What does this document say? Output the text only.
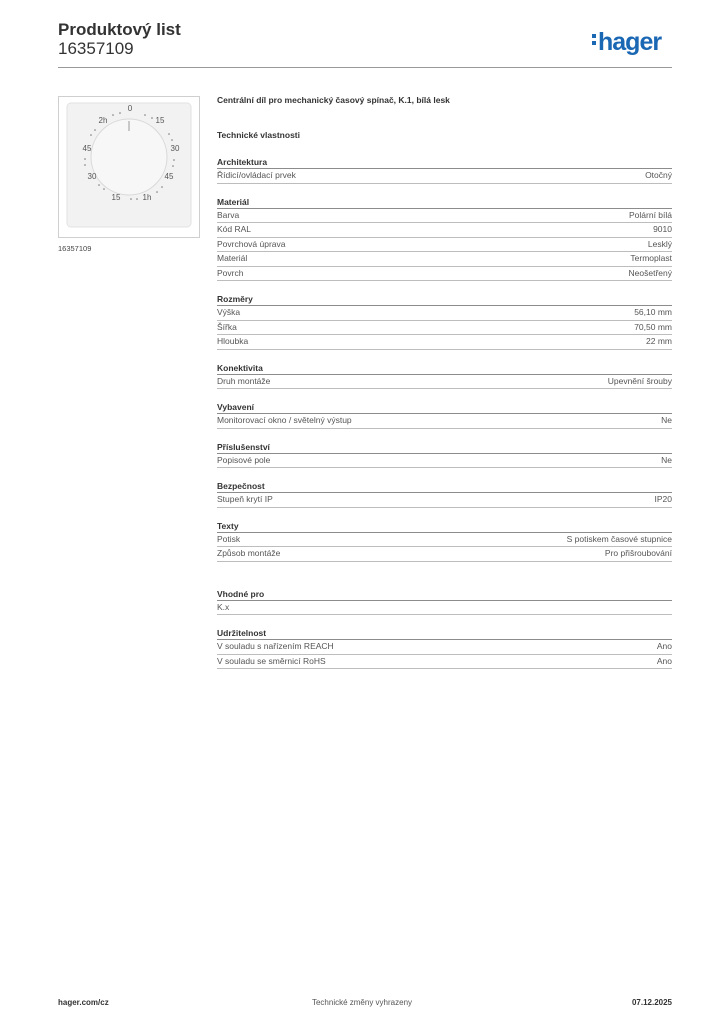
Produktový list
16357109	hager
0
15
30
45
1h
15
30
45
2h
16357109
Centrální díl pro mechanický časový spínač, K.1, bílá lesk
Technické vlastnosti
Architektura
Řídicí/ovládací prvek	Otočný
Materiál
Barva	Polární bílá
Kód RAL	9010
Povrchová úprava	Lesklý
Materiál	Termoplast
Povrch	Neošetřený
Rozměry
Výška	56,10 mm
Šířka	70,50 mm
Hloubka	22 mm
Konektivita
Druh montáže	Upevnění šrouby
Vybavení
Monitorovací okno / světelný výstup	Ne
Příslušenství
Popisové pole	Ne
Bezpečnost
Stupeň krytí IP	IP20
Texty
Potisk	S potiskem časové stupnice
Způsob montáže	Pro přišroubování
Vhodné pro
K.x
Udržitelnost
V souladu s nařízením REACH	Ano
V souladu se směrnicí RoHS	Ano
hager.com/cz	Technické změny vyhrazeny	07.12.2025
